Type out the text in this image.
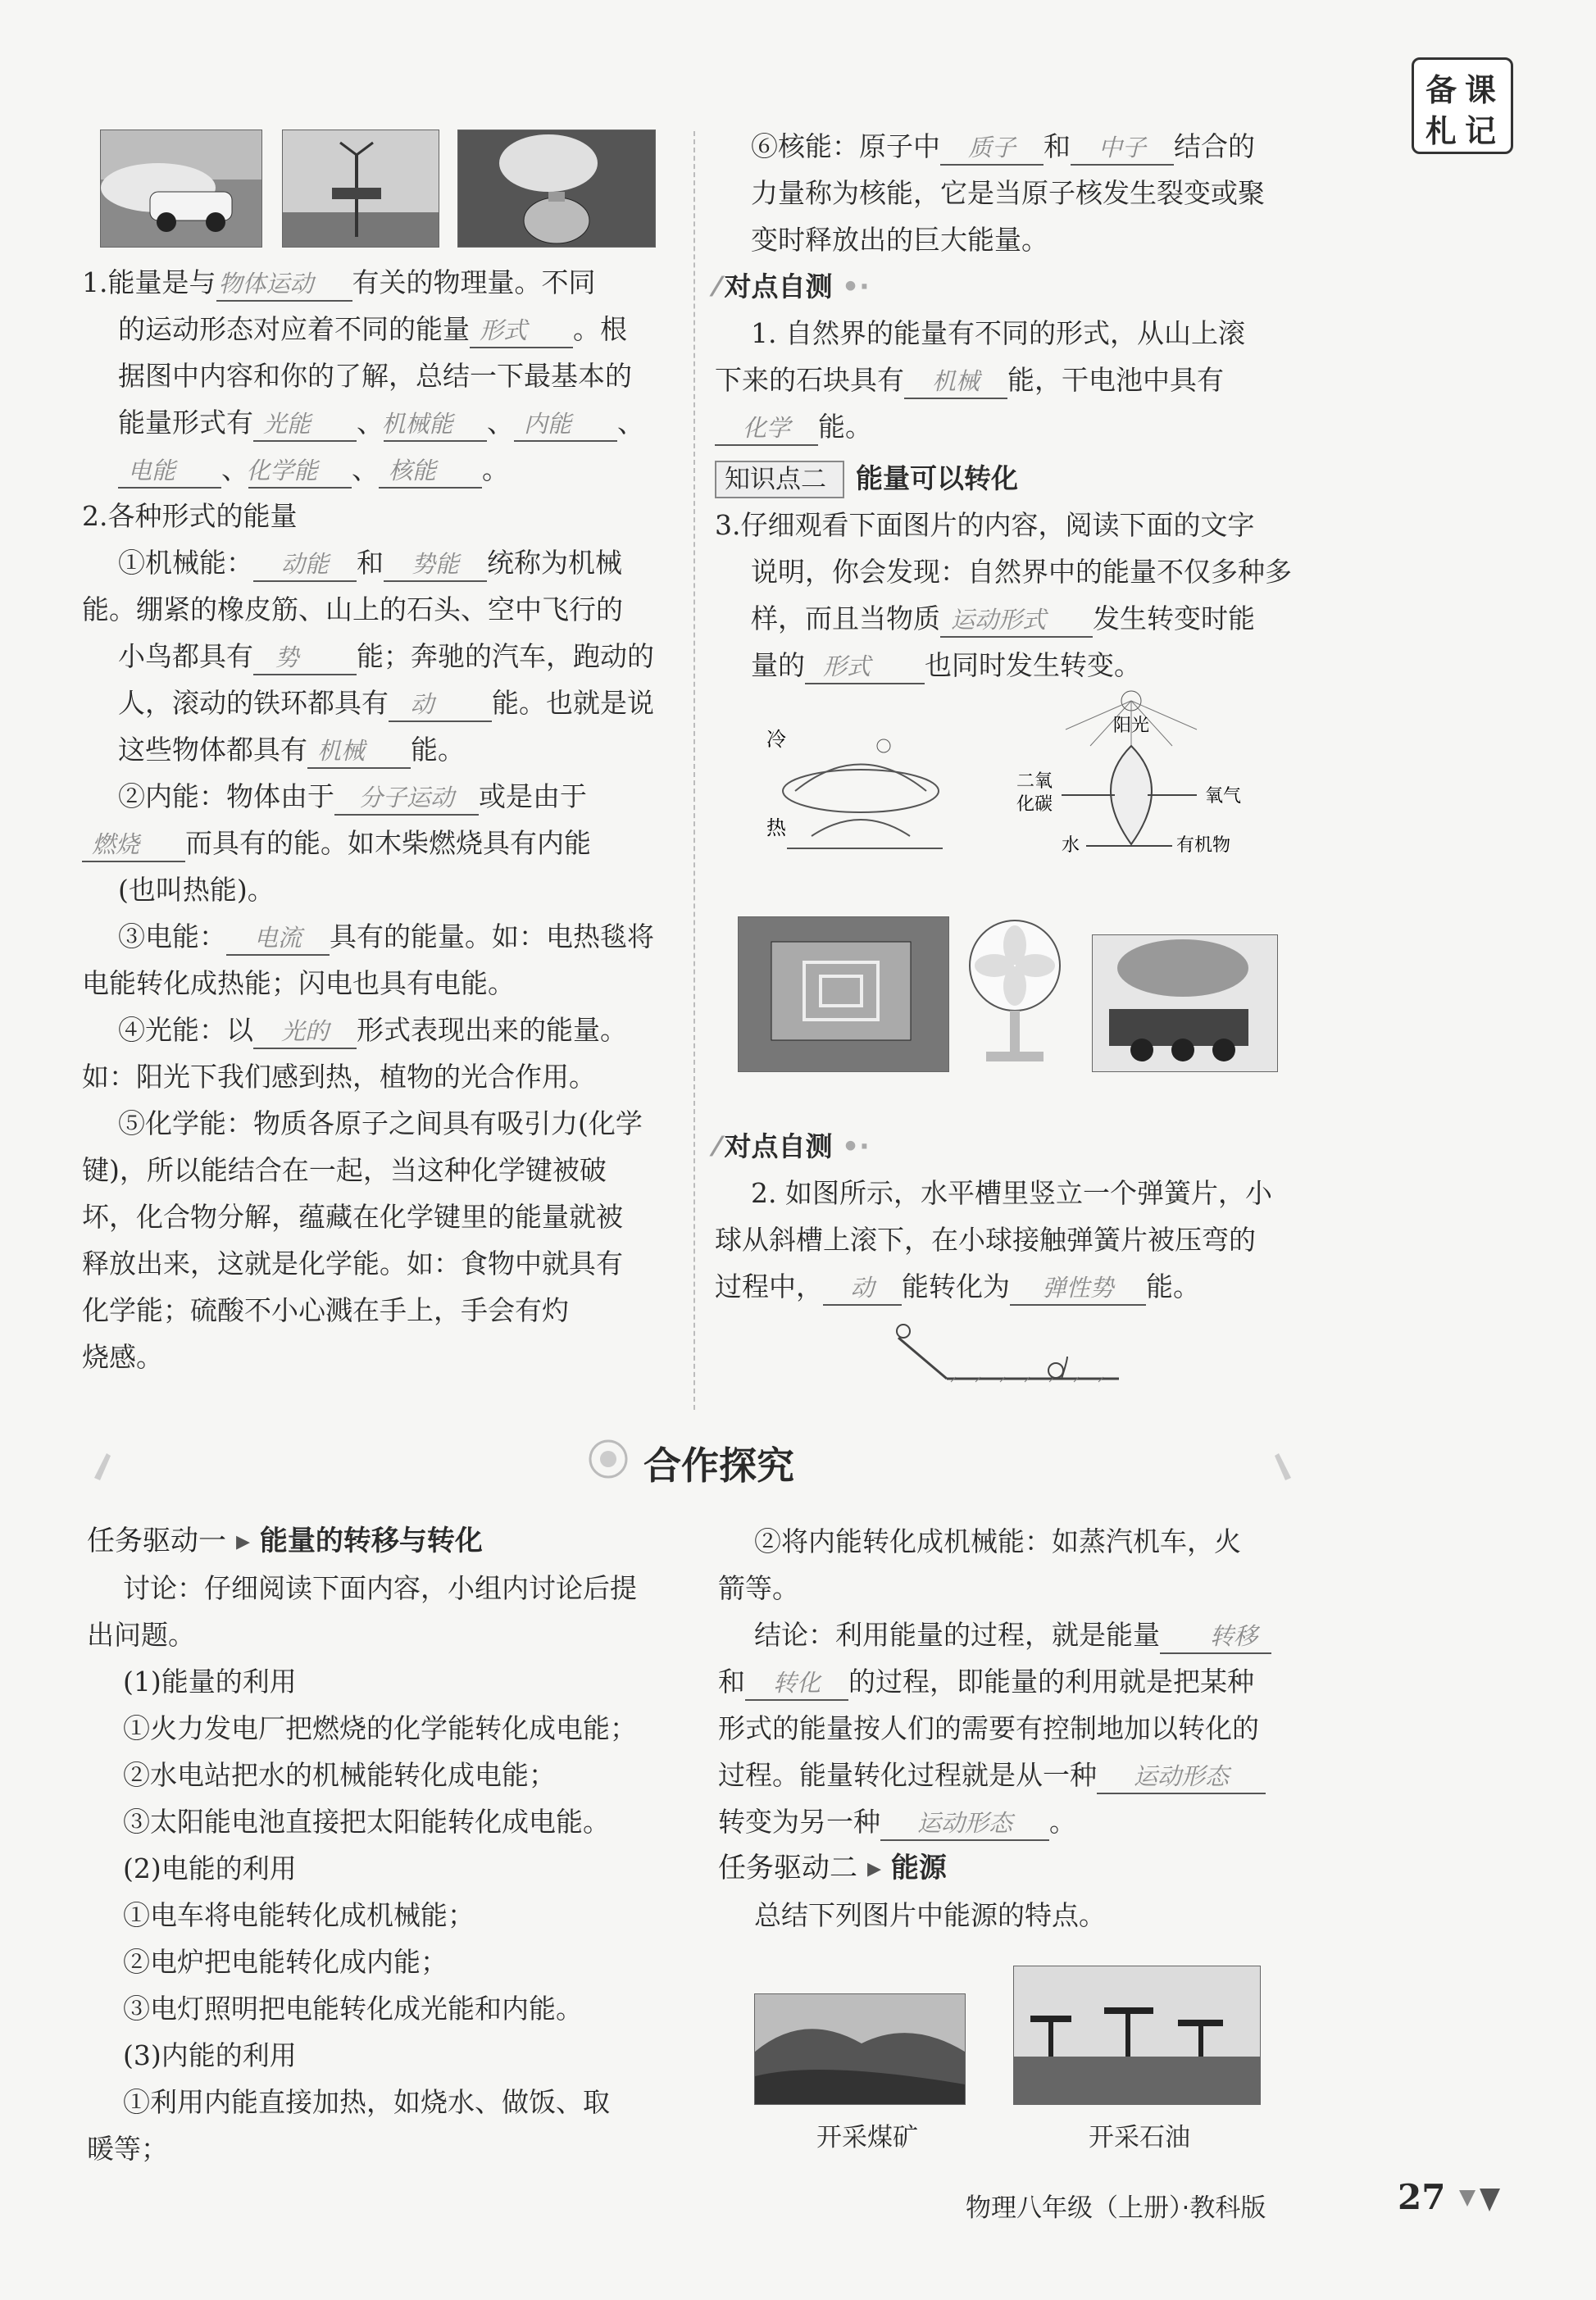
备 课
札 记

1.能量是与 物体运动 有关的物理量。不同
的运动形态对应着不同的能量 形式 。根
据图中内容和你的了解，总结一下最基本的
能量形式有 光能 、机械能 、 内能 、
电能 、化学能 、 核能 。

2.各种形式的能量

①机械能： 动能 和 势能 统称为机械

能。绷紧的橡皮筋、山上的石头、空中飞行的
小鸟都具有 势 能；奔驰的汽车，跑动的
人，滚动的铁环都具有 动 能。也就是说
这些物体都具有 机械 能。

②内能：物体由于 分子运动 或是由于

燃烧 而具有的能。如木柴燃烧具有内能
(也叫热能)。

③电能： 电流 具有的能量。如：电热毯将

电能转化成热能；闪电也具有电能。

④光能：以 光的 形式表现出来的能量。

如：阳光下我们感到热，植物的光合作用。

⑤化学能：物质各原子之间具有吸引力(化学

键)，所以能结合在一起，当这种化学键被破
坏，化合物分解，蕴藏在化学键里的能量就被
释放出来，这就是化学能。如：食物中就具有
化学能；硫酸不小心溅在手上，手会有灼
烧感。

⑥核能：原子中 质子 和 中子 结合的

力量称为核能，它是当原子核发生裂变或聚
变时释放出的巨大能量。

⁄ 对点自测 •·

1. 自然界的能量有不同的形式，从山上滚
下来的石块具有 机械 能，干电池中具有
化学 能。

知识点二 能量可以转化

3.仔细观看下面图片的内容，阅读下面的文字
说明，你会发现：自然界中的能量不仅多种多
样，而且当物质 运动形式 发生转变时能
量的 形式 也同时发生转变。

冷
热
阳光
二氧
化碳	氧气
水	有机物

⁄ 对点自测 •·

2. 如图所示，水平槽里竖立一个弹簧片，小
球从斜槽上滚下，在小球接触弹簧片被压弯的
过程中， 动 能转化为 弹性势 能。

合作探究

任务驱动一 ▸ 能量的转移与转化

讨论：仔细阅读下面内容，小组内讨论后提
出问题。

(1)能量的利用

①火力发电厂把燃烧的化学能转化成电能；

②水电站把水的机械能转化成电能；

③太阳能电池直接把太阳能转化成电能。

(2)电能的利用

①电车将电能转化成机械能；

②电炉把电能转化成内能；

③电灯照明把电能转化成光能和内能。

(3)内能的利用

①利用内能直接加热，如烧水、做饭、取

暖等；

②将内能转化成机械能：如蒸汽机车，火

箭等。

结论：利用能量的过程，就是能量 转移
和 转化 的过程，即能量的利用就是把某种
形式的能量按人们的需要有控制地加以转化的
过程。能量转化过程就是从一种 运动形态
转变为另一种 运动形态 。

任务驱动二 ▸ 能源

总结下列图片中能源的特点。

开采煤矿	开采石油
物理八年级（上册）·教科版	27
